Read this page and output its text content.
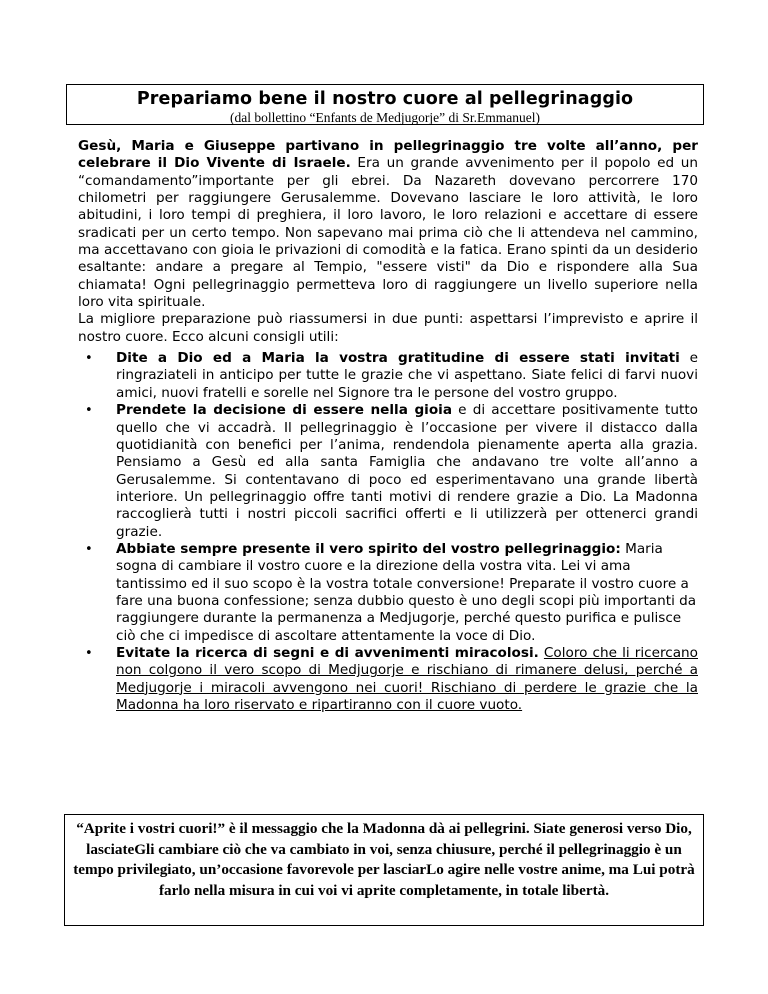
Prepariamo bene il nostro cuore al pellegrinaggio
(dal bollettino “Enfants de Medjugorje” di Sr.Emmanuel)

Gesù, Maria e Giuseppe partivano in pellegrinaggio tre volte all’anno, per celebrare il Dio Vivente di Israele. Era un grande avvenimento per il popolo ed un “comandamento”importante per gli ebrei. Da Nazareth dovevano percorrere 170 chilometri per raggiungere Gerusalemme. Dovevano lasciare le loro attività, le loro abitudini, i loro tempi di preghiera, il loro lavoro, le loro relazioni e accettare di essere sradicati per un certo tempo. Non sapevano mai prima ciò che li attendeva nel cammino, ma accettavano con gioia le privazioni di comodità e la fatica. Erano spinti da un desiderio esaltante: andare a pregare al Tempio, "essere visti" da Dio e rispondere alla Sua chiamata! Ogni pellegrinaggio permetteva loro di raggiungere un livello superiore nella loro vita spirituale.

La migliore preparazione può riassumersi in due punti: aspettarsi l’imprevisto e aprire il nostro cuore. Ecco alcuni consigli utili:

• Dite a Dio ed a Maria la vostra gratitudine di essere stati invitati e ringraziateli in anticipo per tutte le grazie che vi aspettano. Siate felici di farvi nuovi amici, nuovi fratelli e sorelle nel Signore tra le persone del vostro gruppo.
• Prendete la decisione di essere nella gioia e di accettare positivamente tutto quello che vi accadrà. Il pellegrinaggio è l’occasione per vivere il distacco dalla quotidianità con benefici per l’anima, rendendola pienamente aperta alla grazia. Pensiamo a Gesù ed alla santa Famiglia che andavano tre volte all’anno a Gerusalemme. Si contentavano di poco ed esperimentavano una grande libertà interiore. Un pellegrinaggio offre tanti motivi di rendere grazie a Dio. La Madonna raccoglierà tutti i nostri piccoli sacrifici offerti e li utilizzerà per ottenerci grandi grazie.
• Abbiate sempre presente il vero spirito del vostro pellegrinaggio: Maria sogna di cambiare il vostro cuore e la direzione della vostra vita. Lei vi ama tantissimo ed il suo scopo è la vostra totale conversione! Preparate il vostro cuore a fare una buona confessione; senza dubbio questo è uno degli scopi più importanti da raggiungere durante la permanenza a Medjugorje, perché questo purifica e pulisce ciò che ci impedisce di ascoltare attentamente la voce di Dio.
• Evitate la ricerca di segni e di avvenimenti miracolosi. Coloro che li ricercano non colgono il vero scopo di Medjugorje e rischiano di rimanere delusi, perché a Medjugorje i miracoli avvengono nei cuori! Rischiano di perdere le grazie che la Madonna ha loro riservato e ripartiranno con il cuore vuoto.
“Aprite i vostri cuori!” è il messaggio che la Madonna dà ai pellegrini. Siate generosi verso Dio, lasciateGli cambiare ciò che va cambiato in voi, senza chiusure, perché il pellegrinaggio è un tempo privilegiato, un’occasione favorevole per lasciarLo agire nelle vostre anime, ma Lui potrà farlo nella misura in cui voi vi aprite completamente, in totale libertà.
